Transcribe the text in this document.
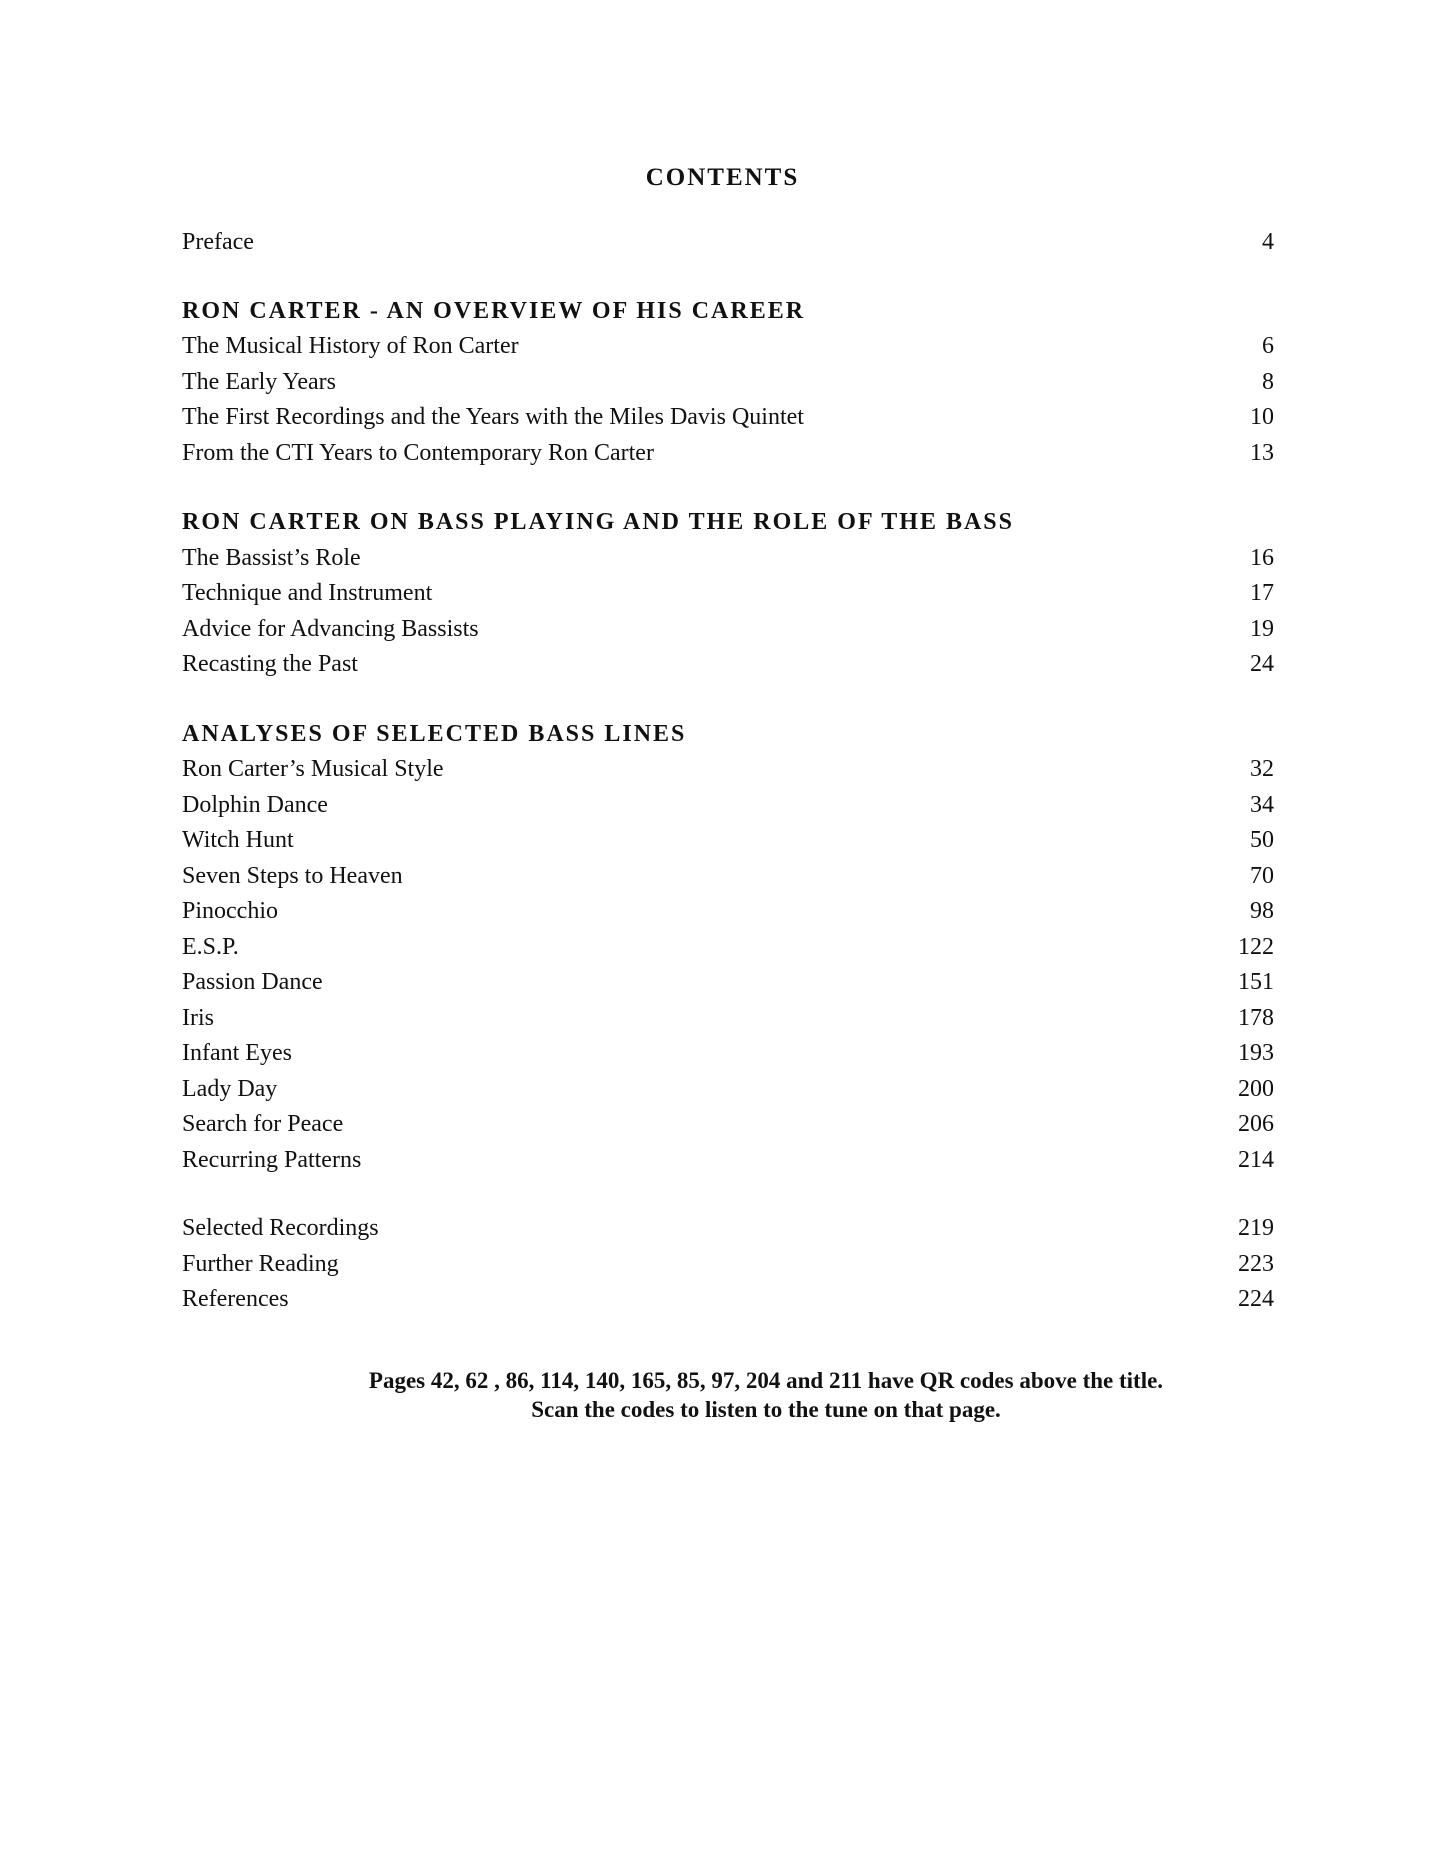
CONTENTS
Preface	4
RON CARTER - AN OVERVIEW OF HIS CAREER
The Musical History of Ron Carter	6
The Early Years	8
The First Recordings and the Years with the Miles Davis Quintet	10
From the CTI Years to Contemporary Ron Carter	13
RON CARTER ON BASS PLAYING AND THE ROLE OF THE BASS
The Bassist’s Role	16
Technique and Instrument	17
Advice for Advancing Bassists	19
Recasting the Past	24
ANALYSES OF SELECTED BASS LINES
Ron Carter’s Musical Style	32
Dolphin Dance	34
Witch Hunt	50
Seven Steps to Heaven	70
Pinocchio	98
E.S.P.	122
Passion Dance	151
Iris	178
Infant Eyes	193
Lady Day	200
Search for Peace	206
Recurring Patterns	214
Selected Recordings	219
Further Reading	223
References	224
Pages 42, 62 , 86, 114, 140, 165, 85, 97, 204 and 211 have QR codes above the title.
Scan the codes to listen to the tune on that page.
